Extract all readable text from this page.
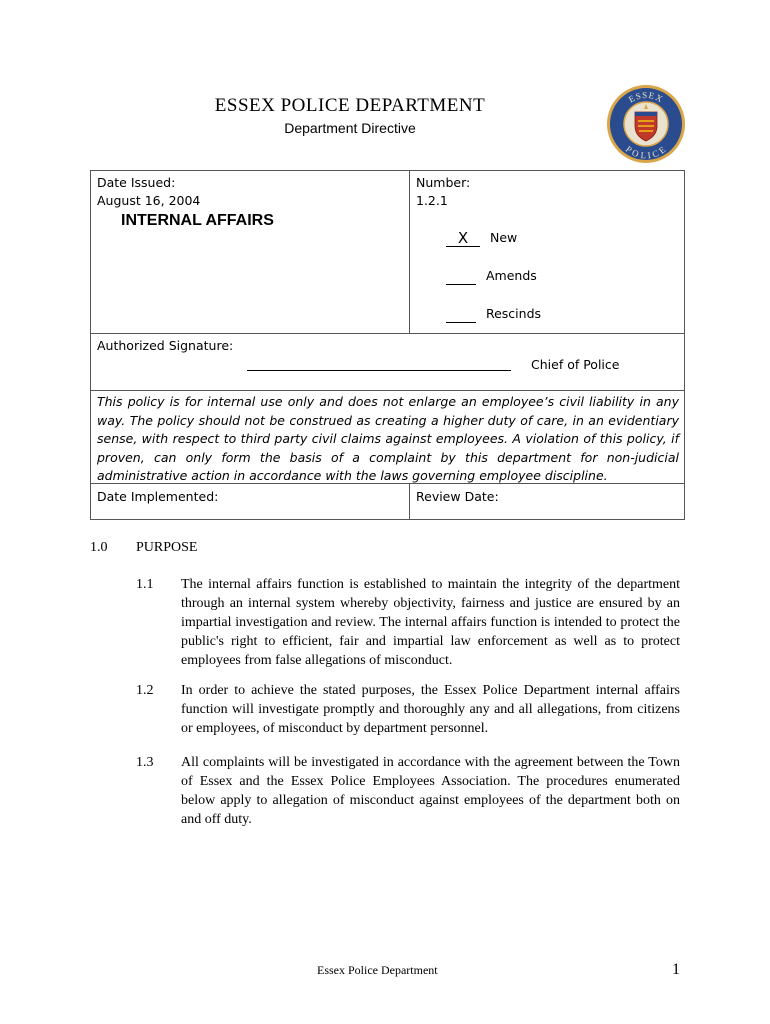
ESSEX POLICE DEPARTMENT
Department Directive
ESSEX
POLICE
Date Issued:
August 16, 2004
Number:
1.2.1
INTERNAL AFFAIRS
X New
Amends
Rescinds
Authorized Signature:
Chief of Police
This policy is for internal use only and does not enlarge an employee’s civil liability in any way. The policy should not be construed as creating a higher duty of care, in an evidentiary sense, with respect to third party civil claims against employees. A violation of this policy, if proven, can only form the basis of a complaint by this department for non-judicial administrative action in accordance with the laws governing employee discipline.
Date Implemented:	Review Date:
1.0 PURPOSE
1.1 The internal affairs function is established to maintain the integrity of the department through an internal system whereby objectivity, fairness and justice are ensured by an impartial investigation and review. The internal affairs function is intended to protect the public's right to efficient, fair and impartial law enforcement as well as to protect employees from false allegations of misconduct.
1.2 In order to achieve the stated purposes, the Essex Police Department internal affairs function will investigate promptly and thoroughly any and all allegations, from citizens or employees, of misconduct by department personnel.
1.3 All complaints will be investigated in accordance with the agreement between the Town of Essex and the Essex Police Employees Association. The procedures enumerated below apply to allegation of misconduct against employees of the department both on and off duty.
Essex Police Department	1
